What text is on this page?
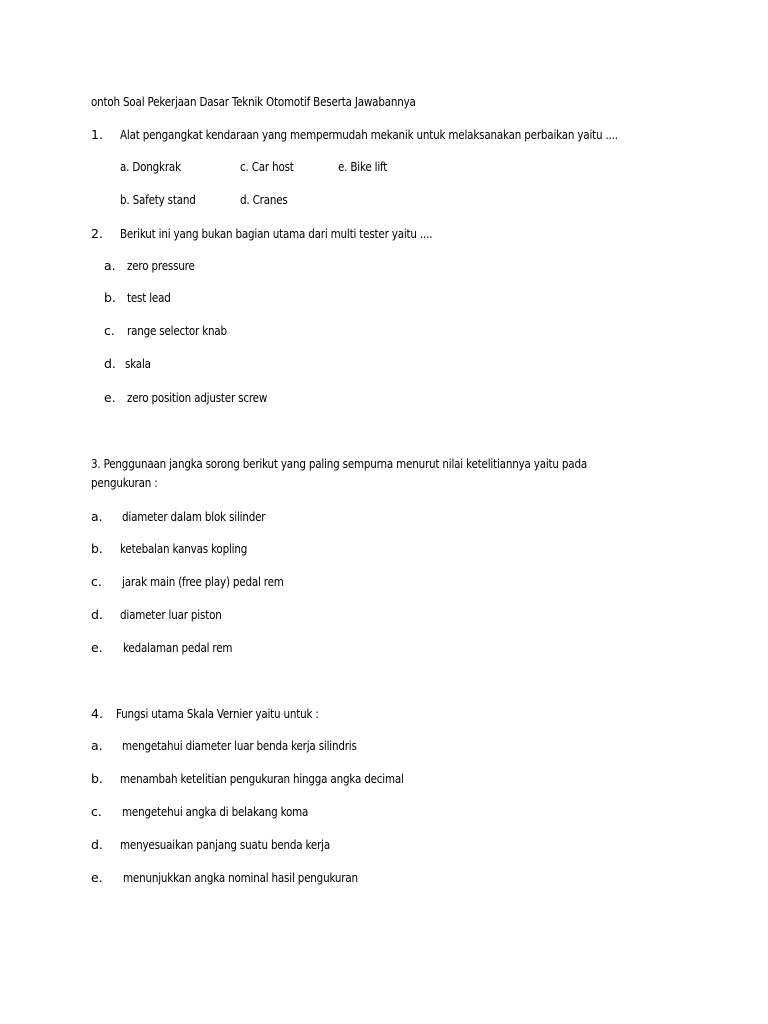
ontoh Soal Pekerjaan Dasar Teknik Otomotif Beserta Jawabannya
1. Alat pengangkat kendaraan yang mempermudah mekanik untuk melaksanakan perbaikan yaitu ....
a. Dongkrak	c. Car host	e. Bike lift
b. Safety stand	d. Cranes
2. Berikut ini yang bukan bagian utama dari multi tester yaitu ....
a. zero pressure
b. test lead
c. range selector knab
d. skala
e. zero position adjuster screw
3. Penggunaan jangka sorong berikut yang paling sempurna menurut nilai ketelitiannya yaitu pada
pengukuran :
a. diameter dalam blok silinder
b. ketebalan kanvas kopling
c. jarak main (free play) pedal rem
d. diameter luar piston
e. kedalaman pedal rem
4. Fungsi utama Skala Vernier yaitu untuk :
a. mengetahui diameter luar benda kerja silindris
b. menambah ketelitian pengukuran hingga angka decimal
c. mengetehui angka di belakang koma
d. menyesuaikan panjang suatu benda kerja
e. menunjukkan angka nominal hasil pengukuran
